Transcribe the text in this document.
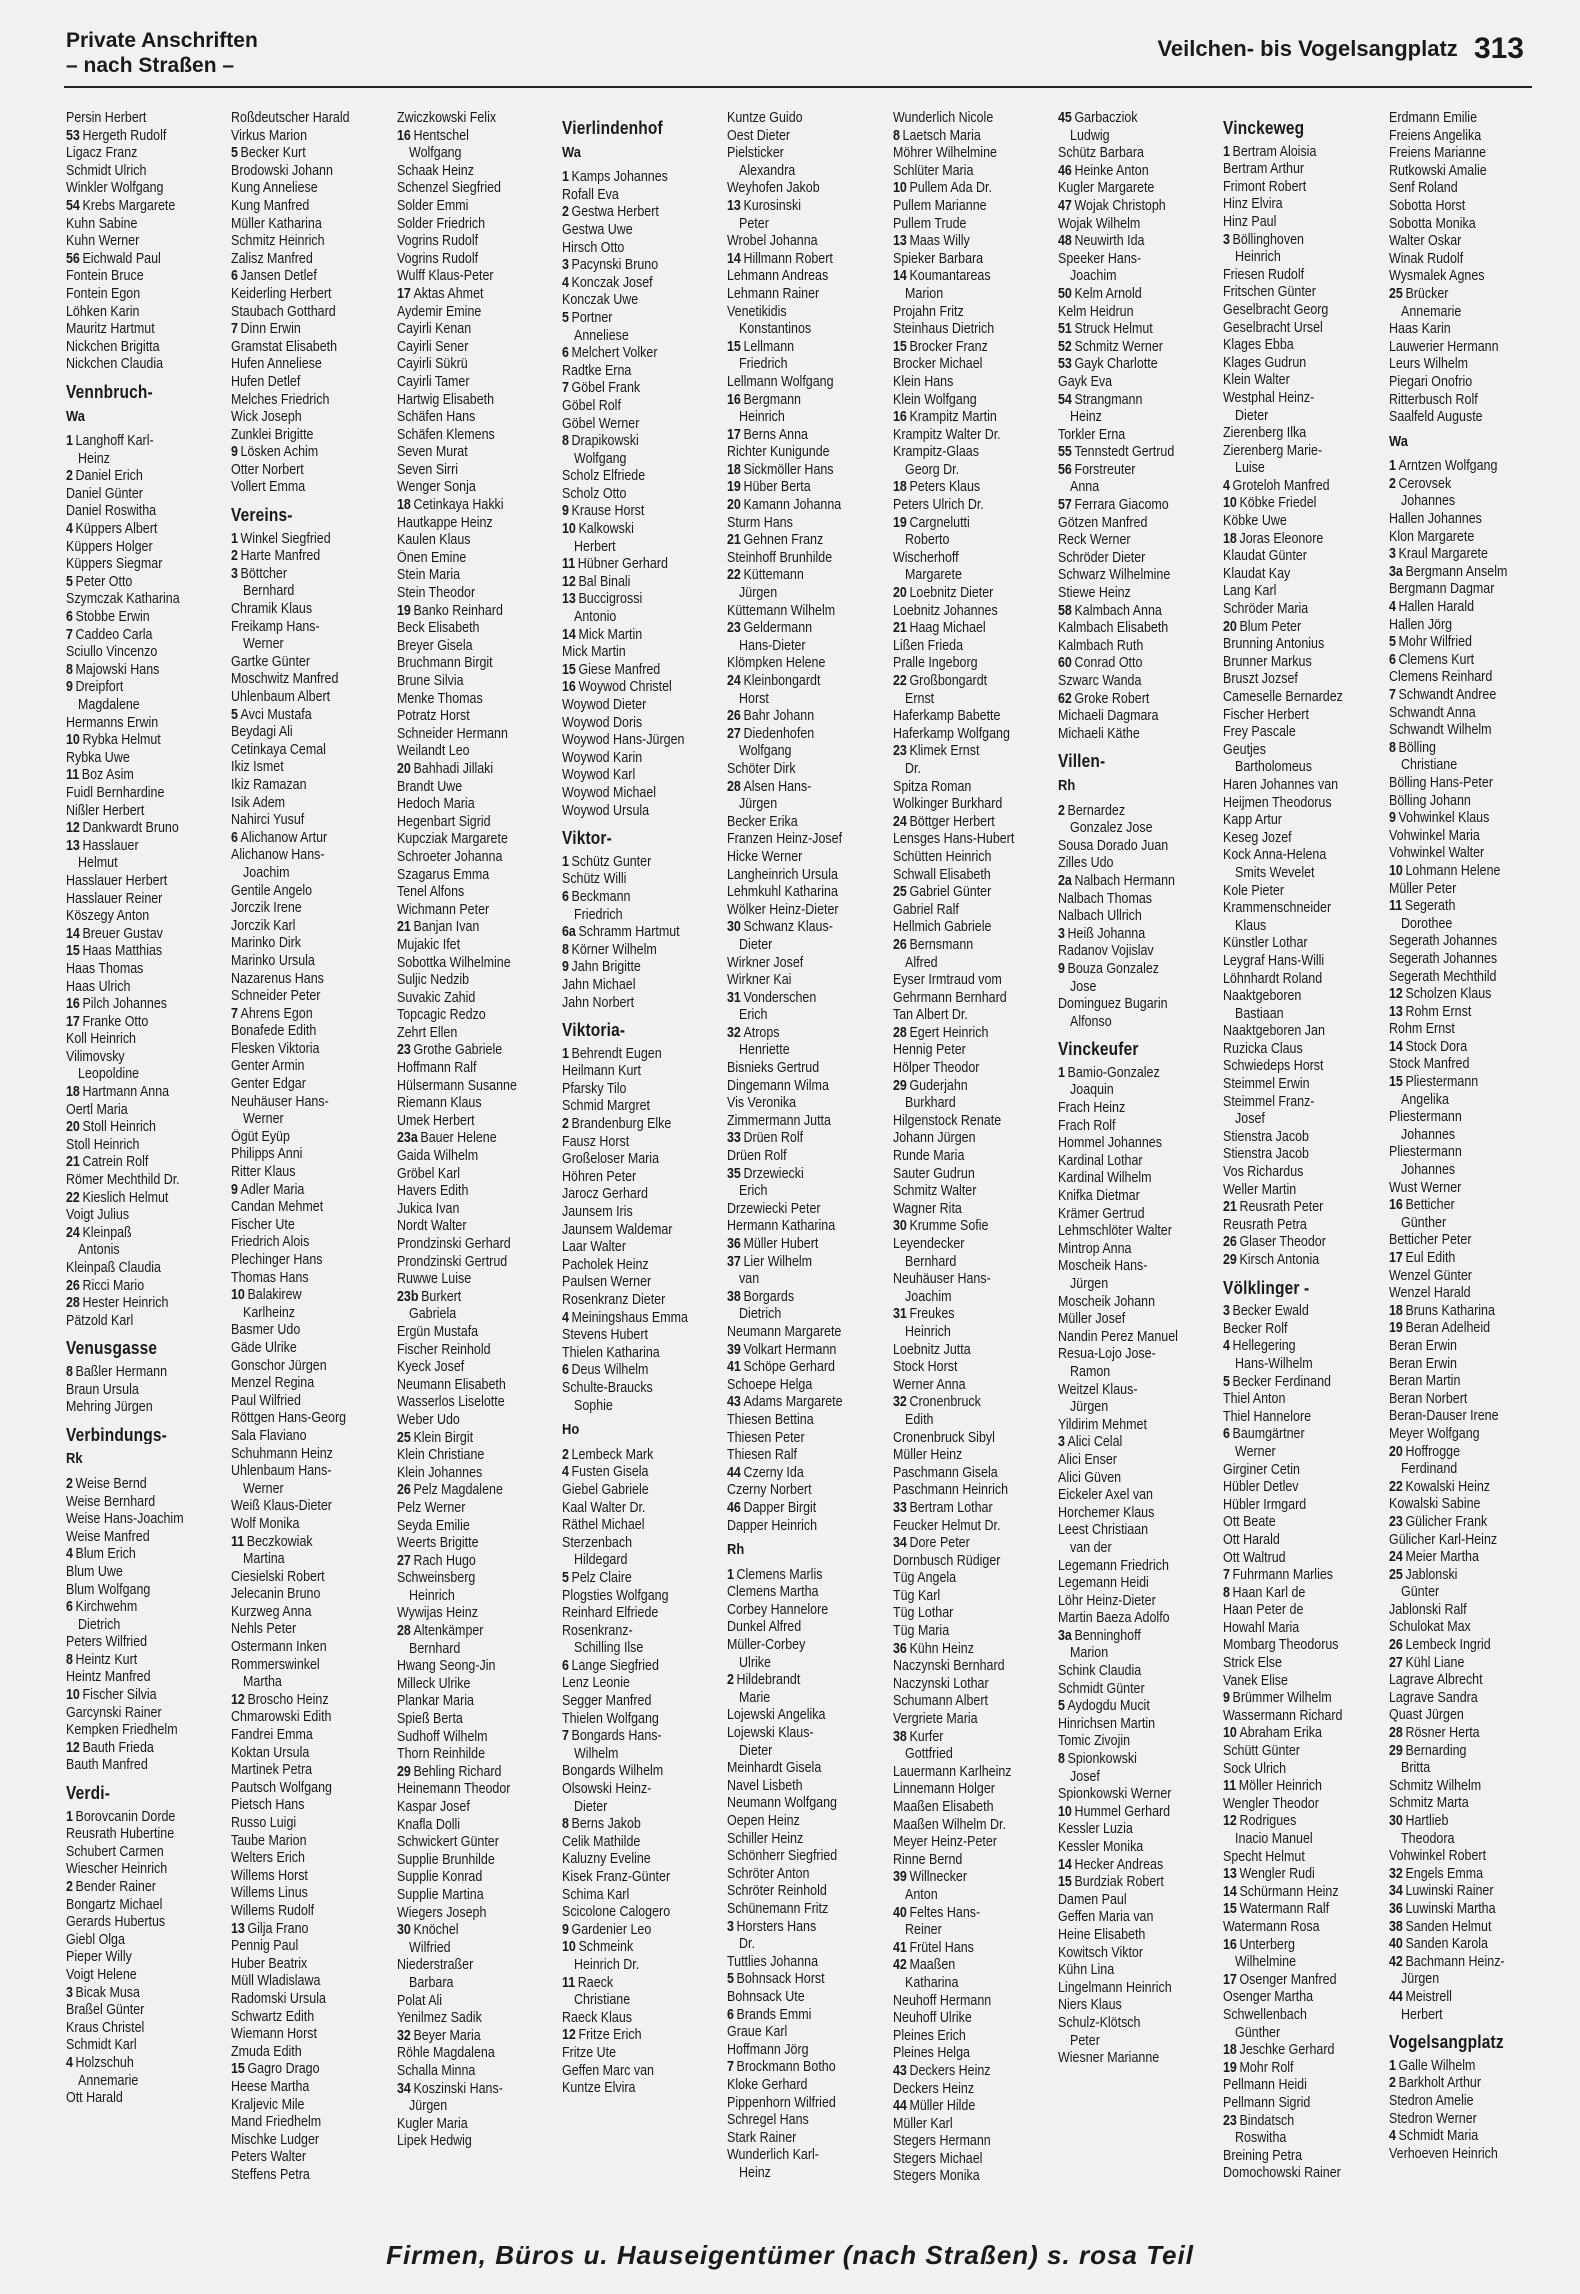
Private Anschriften
– nach Straßen –
Veilchen- bis Vogelsangplatz 313
Persin Herbert
53 Hergeth Rudolf
Ligacz Franz
Schmidt Ulrich
Winkler Wolfgang
54 Krebs Margarete
Kuhn Sabine
Kuhn Werner
56 Eichwald Paul
Fontein Bruce
Fontein Egon
Löhken Karin
Mauritz Hartmut
Nickchen Brigitta
Nickchen Claudia
Vennbruch-
Wa
1 Langhoff Karl-
Heinz
2 Daniel Erich
Daniel Günter
Daniel Roswitha
4 Küppers Albert
Küppers Holger
Küppers Siegmar
5 Peter Otto
Szymczak Katharina
6 Stobbe Erwin
7 Caddeo Carla
Sciullo Vincenzo
8 Majowski Hans
9 Dreipfort
Magdalene
Hermanns Erwin
10 Rybka Helmut
Rybka Uwe
11 Boz Asim
Fuidl Bernhardine
Nißler Herbert
12 Dankwardt Bruno
13 Hasslauer
Helmut
Hasslauer Herbert
Hasslauer Reiner
Köszegy Anton
14 Breuer Gustav
15 Haas Matthias
Haas Thomas
Haas Ulrich
16 Pilch Johannes
17 Franke Otto
Koll Heinrich
Vilimovsky
Leopoldine
18 Hartmann Anna
Oertl Maria
20 Stoll Heinrich
Stoll Heinrich
21 Catrein Rolf
Römer Mechthild Dr.
22 Kieslich Helmut
Voigt Julius
24 Kleinpaß
Antonis
Kleinpaß Claudia
26 Ricci Mario
28 Hester Heinrich
Pätzold Karl
Venusgasse
8 Baßler Hermann
Braun Ursula
Mehring Jürgen
Verbindungs-
Rk
2 Weise Bernd
Weise Bernhard
Weise Hans-Joachim
Weise Manfred
4 Blum Erich
Blum Uwe
Blum Wolfgang
6 Kirchwehm
Dietrich
Peters Wilfried
8 Heintz Kurt
Heintz Manfred
10 Fischer Silvia
Garcynski Rainer
Kempken Friedhelm
12 Bauth Frieda
Bauth Manfred
Verdi-
1 Borovcanin Dorde
Reusrath Hubertine
Schubert Carmen
Wiescher Heinrich
2 Bender Rainer
Bongartz Michael
Gerards Hubertus
Giebl Olga
Pieper Willy
Voigt Helene
3 Bicak Musa
Braßel Günter
Kraus Christel
Schmidt Karl
4 Holzschuh
Annemarie
Ott Harald
Roßdeutscher Harald
Virkus Marion
5 Becker Kurt
Brodowski Johann
Kung Anneliese
Kung Manfred
Müller Katharina
Schmitz Heinrich
Zalisz Manfred
6 Jansen Detlef
Keiderling Herbert
Staubach Gotthard
7 Dinn Erwin
Gramstat Elisabeth
Hufen Anneliese
Hufen Detlef
Melches Friedrich
Wick Joseph
Zunklei Brigitte
9 Lösken Achim
Otter Norbert
Vollert Emma
Vereins-
1 Winkel Siegfried
2 Harte Manfred
3 Böttcher
Bernhard
Chramik Klaus
Freikamp Hans-
Werner
Gartke Günter
Moschwitz Manfred
Uhlenbaum Albert
5 Avci Mustafa
Beydagi Ali
Cetinkaya Cemal
Ikiz Ismet
Ikiz Ramazan
Isik Adem
Nahirci Yusuf
6 Alichanow Artur
Alichanow Hans-
Joachim
Gentile Angelo
Jorczik Irene
Jorczik Karl
Marinko Dirk
Marinko Ursula
Nazarenus Hans
Schneider Peter
7 Ahrens Egon
Bonafede Edith
Flesken Viktoria
Genter Armin
Genter Edgar
Neuhäuser Hans-
Werner
Ögüt Eyüp
Philipps Anni
Ritter Klaus
9 Adler Maria
Candan Mehmet
Fischer Ute
Friedrich Alois
Plechinger Hans
Thomas Hans
10 Balakirew
Karlheinz
Basmer Udo
Gäde Ulrike
Gonschor Jürgen
Menzel Regina
Paul Wilfried
Röttgen Hans-Georg
Sala Flaviano
Schuhmann Heinz
Uhlenbaum Hans-
Werner
Weiß Klaus-Dieter
Wolf Monika
11 Beczkowiak
Martina
Ciesielski Robert
Jelecanin Bruno
Kurzweg Anna
Nehls Peter
Ostermann Inken
Rommerswinkel
Martha
12 Broscho Heinz
Chmarowski Edith
Fandrei Emma
Koktan Ursula
Martinek Petra
Pautsch Wolfgang
Pietsch Hans
Russo Luigi
Taube Marion
Welters Erich
Willems Horst
Willems Linus
Willems Rudolf
13 Gilja Frano
Pennig Paul
Huber Beatrix
Müll Wladislawa
Radomski Ursula
Schwartz Edith
Wiemann Horst
Zmuda Edith
15 Gagro Drago
Heese Martha
Kraljevic Mile
Mand Friedhelm
Mischke Ludger
Peters Walter
Steffens Petra
Zwiczkowski Felix
16 Hentschel
Wolfgang
Schaak Heinz
Schenzel Siegfried
Solder Emmi
Solder Friedrich
Vogrins Rudolf
Vogrins Rudolf
Wulff Klaus-Peter
17 Aktas Ahmet
Aydemir Emine
Cayirli Kenan
Cayirli Sener
Cayirli Sükrü
Cayirli Tamer
Hartwig Elisabeth
Schäfen Hans
Schäfen Klemens
Seven Murat
Seven Sirri
Wenger Sonja
18 Cetinkaya Hakki
Hautkappe Heinz
Kaulen Klaus
Önen Emine
Stein Maria
Stein Theodor
19 Banko Reinhard
Beck Elisabeth
Breyer Gisela
Bruchmann Birgit
Brune Silvia
Menke Thomas
Potratz Horst
Schneider Hermann
Weilandt Leo
20 Bahhadi Jillaki
Brandt Uwe
Hedoch Maria
Hegenbart Sigrid
Kupcziak Margarete
Schroeter Johanna
Szagarus Emma
Tenel Alfons
Wichmann Peter
21 Banjan Ivan
Mujakic Ifet
Sobottka Wilhelmine
Suljic Nedzib
Suvakic Zahid
Topcagic Redzo
Zehrt Ellen
23 Grothe Gabriele
Hoffmann Ralf
Hülsermann Susanne
Riemann Klaus
Umek Herbert
23a Bauer Helene
Gaida Wilhelm
Gröbel Karl
Havers Edith
Jukica Ivan
Nordt Walter
Prondzinski Gerhard
Prondzinski Gertrud
Ruwwe Luise
23b Burkert
Gabriela
Ergün Mustafa
Fischer Reinhold
Kyeck Josef
Neumann Elisabeth
Wasserlos Liselotte
Weber Udo
25 Klein Birgit
Klein Christiane
Klein Johannes
26 Pelz Magdalene
Pelz Werner
Seyda Emilie
Weerts Brigitte
27 Rach Hugo
Schweinsberg
Heinrich
Wywijas Heinz
28 Altenkämper
Bernhard
Hwang Seong-Jin
Milleck Ulrike
Plankar Maria
Spieß Berta
Sudhoff Wilhelm
Thorn Reinhilde
29 Behling Richard
Heinemann Theodor
Kaspar Josef
Knafla Dolli
Schwickert Günter
Supplie Brunhilde
Supplie Konrad
Supplie Martina
Wiegers Joseph
30 Knöchel
Wilfried
Niederstraßer
Barbara
Polat Ali
Yenilmez Sadik
32 Beyer Maria
Röhle Magdalena
Schalla Minna
34 Koszinski Hans-
Jürgen
Kugler Maria
Lipek Hedwig
Vierlindenhof
Wa
1 Kamps Johannes
Rofall Eva
2 Gestwa Herbert
Gestwa Uwe
Hirsch Otto
3 Pacynski Bruno
4 Konczak Josef
Konczak Uwe
5 Portner
Anneliese
6 Melchert Volker
Radtke Erna
7 Göbel Frank
Göbel Rolf
Göbel Werner
8 Drapikowski
Wolfgang
Scholz Elfriede
Scholz Otto
9 Krause Horst
10 Kalkowski
Herbert
11 Hübner Gerhard
12 Bal Binali
13 Buccigrossi
Antonio
14 Mick Martin
Mick Martin
15 Giese Manfred
16 Woywod Christel
Woywod Dieter
Woywod Doris
Woywod Hans-Jürgen
Woywod Karin
Woywod Karl
Woywod Michael
Woywod Ursula
Viktor-
1 Schütz Gunter
Schütz Willi
6 Beckmann
Friedrich
6a Schramm Hartmut
8 Körner Wilhelm
9 Jahn Brigitte
Jahn Michael
Jahn Norbert
Viktoria-
1 Behrendt Eugen
Heilmann Kurt
Pfarsky Tilo
Schmid Margret
2 Brandenburg Elke
Fausz Horst
Großeloser Maria
Höhren Peter
Jarocz Gerhard
Jaunsem Iris
Jaunsem Waldemar
Laar Walter
Pacholek Heinz
Paulsen Werner
Rosenkranz Dieter
4 Meiningshaus Emma
Stevens Hubert
Thielen Katharina
6 Deus Wilhelm
Schulte-Braucks
Sophie
Ho
2 Lembeck Mark
4 Fusten Gisela
Giebel Gabriele
Kaal Walter Dr.
Räthel Michael
Sterzenbach
Hildegard
5 Pelz Claire
Plogsties Wolfgang
Reinhard Elfriede
Rosenkranz-
Schilling Ilse
6 Lange Siegfried
Lenz Leonie
Segger Manfred
Thielen Wolfgang
7 Bongards Hans-
Wilhelm
Bongards Wilhelm
Olsowski Heinz-
Dieter
8 Berns Jakob
Celik Mathilde
Kaluzny Eveline
Kisek Franz-Günter
Schima Karl
Scicolone Calogero
9 Gardenier Leo
10 Schmeink
Heinrich Dr.
11 Raeck
Christiane
Raeck Klaus
12 Fritze Erich
Fritze Ute
Geffen Marc van
Kuntze Elvira
Kuntze Guido
Oest Dieter
Pielsticker
Alexandra
Weyhofen Jakob
13 Kurosinski
Peter
Wrobel Johanna
14 Hillmann Robert
Lehmann Andreas
Lehmann Rainer
Venetikidis
Konstantinos
15 Lellmann
Friedrich
Lellmann Wolfgang
16 Bergmann
Heinrich
17 Berns Anna
Richter Kunigunde
18 Sickmöller Hans
19 Hüber Berta
20 Kamann Johanna
Sturm Hans
21 Gehnen Franz
Steinhoff Brunhilde
22 Küttemann
Jürgen
Küttemann Wilhelm
23 Geldermann
Hans-Dieter
Klömpken Helene
24 Kleinbongardt
Horst
26 Bahr Johann
27 Diedenhofen
Wolfgang
Schöter Dirk
28 Alsen Hans-
Jürgen
Becker Erika
Franzen Heinz-Josef
Hicke Werner
Langheinrich Ursula
Lehmkuhl Katharina
Wölker Heinz-Dieter
30 Schwanz Klaus-
Dieter
Wirkner Josef
Wirkner Kai
31 Vonderschen
Erich
32 Atrops
Henriette
Bisnieks Gertrud
Dingemann Wilma
Vis Veronika
Zimmermann Jutta
33 Drüen Rolf
Drüen Rolf
35 Drzewiecki
Erich
Drzewiecki Peter
Hermann Katharina
36 Müller Hubert
37 Lier Wilhelm
van
38 Borgards
Dietrich
Neumann Margarete
39 Volkart Hermann
41 Schöpe Gerhard
Schoepe Helga
43 Adams Margarete
Thiesen Bettina
Thiesen Peter
Thiesen Ralf
44 Czerny Ida
Czerny Norbert
46 Dapper Birgit
Dapper Heinrich
Rh
1 Clemens Marlis
Clemens Martha
Corbey Hannelore
Dunkel Alfred
Müller-Corbey
Ulrike
2 Hildebrandt
Marie
Lojewski Angelika
Lojewski Klaus-
Dieter
Meinhardt Gisela
Navel Lisbeth
Neumann Wolfgang
Oepen Heinz
Schiller Heinz
Schönherr Siegfried
Schröter Anton
Schröter Reinhold
Schünemann Fritz
3 Horsters Hans
Dr.
Tuttlies Johanna
5 Bohnsack Horst
Bohnsack Ute
6 Brands Emmi
Graue Karl
Hoffmann Jörg
7 Brockmann Botho
Kloke Gerhard
Pippenhorn Wilfried
Schregel Hans
Stark Rainer
Wunderlich Karl-
Heinz
Wunderlich Nicole
8 Laetsch Maria
Möhrer Wilhelmine
Schlüter Maria
10 Pullem Ada Dr.
Pullem Marianne
Pullem Trude
13 Maas Willy
Spieker Barbara
14 Koumantareas
Marion
Projahn Fritz
Steinhaus Dietrich
15 Brocker Franz
Brocker Michael
Klein Hans
Klein Wolfgang
16 Krampitz Martin
Krampitz Walter Dr.
Krampitz-Glaas
Georg Dr.
18 Peters Klaus
Peters Ulrich Dr.
19 Cargnelutti
Roberto
Wischerhoff
Margarete
20 Loebnitz Dieter
Loebnitz Johannes
21 Haag Michael
Lißen Frieda
Pralle Ingeborg
22 Großbongardt
Ernst
Haferkamp Babette
Haferkamp Wolfgang
23 Klimek Ernst
Dr.
Spitza Roman
Wolkinger Burkhard
24 Böttger Herbert
Lensges Hans-Hubert
Schütten Heinrich
Schwall Elisabeth
25 Gabriel Günter
Gabriel Ralf
Hellmich Gabriele
26 Bernsmann
Alfred
Eyser Irmtraud vom
Gehrmann Bernhard
Tan Albert Dr.
28 Egert Heinrich
Hennig Peter
Hölper Theodor
29 Guderjahn
Burkhard
Hilgenstock Renate
Johann Jürgen
Runde Maria
Sauter Gudrun
Schmitz Walter
Wagner Rita
30 Krumme Sofie
Leyendecker
Bernhard
Neuhäuser Hans-
Joachim
31 Freukes
Heinrich
Loebnitz Jutta
Stock Horst
Werner Anna
32 Cronenbruck
Edith
Cronenbruck Sibyl
Müller Heinz
Paschmann Gisela
Paschmann Heinrich
33 Bertram Lothar
Feucker Helmut Dr.
34 Dore Peter
Dornbusch Rüdiger
Tüg Angela
Tüg Karl
Tüg Lothar
Tüg Maria
36 Kühn Heinz
Naczynski Bernhard
Naczynski Lothar
Schumann Albert
Vergriete Maria
38 Kurfer
Gottfried
Lauermann Karlheinz
Linnemann Holger
Maaßen Elisabeth
Maaßen Wilhelm Dr.
Meyer Heinz-Peter
Rinne Bernd
39 Willnecker
Anton
40 Feltes Hans-
Reiner
41 Frütel Hans
42 Maaßen
Katharina
Neuhoff Hermann
Neuhoff Ulrike
Pleines Erich
Pleines Helga
43 Deckers Heinz
Deckers Heinz
44 Müller Hilde
Müller Karl
Stegers Hermann
Stegers Michael
Stegers Monika
45 Garbacziok
Ludwig
Schütz Barbara
46 Heinke Anton
Kugler Margarete
47 Wojak Christoph
Wojak Wilhelm
48 Neuwirth Ida
Speeker Hans-
Joachim
50 Kelm Arnold
Kelm Heidrun
51 Struck Helmut
52 Schmitz Werner
53 Gayk Charlotte
Gayk Eva
54 Strangmann
Heinz
Torkler Erna
55 Tennstedt Gertrud
56 Forstreuter
Anna
57 Ferrara Giacomo
Götzen Manfred
Reck Werner
Schröder Dieter
Schwarz Wilhelmine
Stiewe Heinz
58 Kalmbach Anna
Kalmbach Elisabeth
Kalmbach Ruth
60 Conrad Otto
Szwarc Wanda
62 Groke Robert
Michaeli Dagmara
Michaeli Käthe
Villen-
Rh
2 Bernardez
Gonzalez Jose
Sousa Dorado Juan
Zilles Udo
2a Nalbach Hermann
Nalbach Thomas
Nalbach Ullrich
3 Heiß Johanna
Radanov Vojislav
9 Bouza Gonzalez
Jose
Dominguez Bugarin
Alfonso
Vinckeufer
1 Bamio-Gonzalez
Joaquin
Frach Heinz
Frach Rolf
Hommel Johannes
Kardinal Lothar
Kardinal Wilhelm
Knifka Dietmar
Krämer Gertrud
Lehmschlöter Walter
Mintrop Anna
Moscheik Hans-
Jürgen
Moscheik Johann
Müller Josef
Nandin Perez Manuel
Resua-Lojo Jose-
Ramon
Weitzel Klaus-
Jürgen
Yildirim Mehmet
3 Alici Celal
Alici Enser
Alici Güven
Eickeler Axel van
Horchemer Klaus
Leest Christiaan
van der
Legemann Friedrich
Legemann Heidi
Löhr Heinz-Dieter
Martin Baeza Adolfo
3a Benninghoff
Marion
Schink Claudia
Schmidt Günter
5 Aydogdu Mucit
Hinrichsen Martin
Tomic Zivojin
8 Spionkowski
Josef
Spionkowski Werner
10 Hummel Gerhard
Kessler Luzia
Kessler Monika
14 Hecker Andreas
15 Burdziak Robert
Damen Paul
Geffen Maria van
Heine Elisabeth
Kowitsch Viktor
Kühn Lina
Lingelmann Heinrich
Niers Klaus
Schulz-Klötsch
Peter
Wiesner Marianne
Vinckeweg
1 Bertram Aloisia
Bertram Arthur
Frimont Robert
Hinz Elvira
Hinz Paul
3 Böllinghoven
Heinrich
Friesen Rudolf
Fritschen Günter
Geselbracht Georg
Geselbracht Ursel
Klages Ebba
Klages Gudrun
Klein Walter
Westphal Heinz-
Dieter
Zierenberg Ilka
Zierenberg Marie-
Luise
4 Groteloh Manfred
10 Köbke Friedel
Köbke Uwe
18 Joras Eleonore
Klaudat Günter
Klaudat Kay
Lang Karl
Schröder Maria
20 Blum Peter
Brunning Antonius
Brunner Markus
Bruszt Jozsef
Cameselle Bernardez
Fischer Herbert
Frey Pascale
Geutjes
Bartholomeus
Haren Johannes van
Heijmen Theodorus
Kapp Artur
Keseg Jozef
Kock Anna-Helena
Smits Wevelet
Kole Pieter
Krammenschneider
Klaus
Künstler Lothar
Leygraf Hans-Willi
Löhnhardt Roland
Naaktgeboren
Bastiaan
Naaktgeboren Jan
Ruzicka Claus
Schwiedeps Horst
Steimmel Erwin
Steimmel Franz-
Josef
Stienstra Jacob
Stienstra Jacob
Vos Richardus
Weller Martin
21 Reusrath Peter
Reusrath Petra
26 Glaser Theodor
29 Kirsch Antonia
Völklinger -
3 Becker Ewald
Becker Rolf
4 Hellegering
Hans-Wilhelm
5 Becker Ferdinand
Thiel Anton
Thiel Hannelore
6 Baumgärtner
Werner
Girginer Cetin
Hübler Detlev
Hübler Irmgard
Ott Beate
Ott Harald
Ott Waltrud
7 Fuhrmann Marlies
8 Haan Karl de
Haan Peter de
Howahl Maria
Mombarg Theodorus
Strick Else
Vanek Elise
9 Brümmer Wilhelm
Wassermann Richard
10 Abraham Erika
Schütt Günter
Sock Ulrich
11 Möller Heinrich
Wengler Theodor
12 Rodrigues
Inacio Manuel
Specht Helmut
13 Wengler Rudi
14 Schürmann Heinz
15 Watermann Ralf
Watermann Rosa
16 Unterberg
Wilhelmine
17 Osenger Manfred
Osenger Martha
Schwellenbach
Günther
18 Jeschke Gerhard
19 Mohr Rolf
Pellmann Heidi
Pellmann Sigrid
23 Bindatsch
Roswitha
Breining Petra
Domochowski Rainer
Erdmann Emilie
Freiens Angelika
Freiens Marianne
Rutkowski Amalie
Senf Roland
Sobotta Horst
Sobotta Monika
Walter Oskar
Winak Rudolf
Wysmalek Agnes
25 Brücker
Annemarie
Haas Karin
Lauwerier Hermann
Leurs Wilhelm
Piegari Onofrio
Ritterbusch Rolf
Saalfeld Auguste
Wa
1 Arntzen Wolfgang
2 Cerovsek
Johannes
Hallen Johannes
Klon Margarete
3 Kraul Margarete
3a Bergmann Anselm
Bergmann Dagmar
4 Hallen Harald
Hallen Jörg
5 Mohr Wilfried
6 Clemens Kurt
Clemens Reinhard
7 Schwandt Andree
Schwandt Anna
Schwandt Wilhelm
8 Bölling
Christiane
Bölling Hans-Peter
Bölling Johann
9 Vohwinkel Klaus
Vohwinkel Maria
Vohwinkel Walter
10 Lohmann Helene
Müller Peter
11 Segerath
Dorothee
Segerath Johannes
Segerath Johannes
Segerath Mechthild
12 Scholzen Klaus
13 Rohm Ernst
Rohm Ernst
14 Stock Dora
Stock Manfred
15 Pliestermann
Angelika
Pliestermann
Johannes
Pliestermann
Johannes
Wust Werner
16 Betticher
Günther
Betticher Peter
17 Eul Edith
Wenzel Günter
Wenzel Harald
18 Bruns Katharina
19 Beran Adelheid
Beran Erwin
Beran Erwin
Beran Martin
Beran Norbert
Beran-Dauser Irene
Meyer Wolfgang
20 Hoffrogge
Ferdinand
22 Kowalski Heinz
Kowalski Sabine
23 Gülicher Frank
Gülicher Karl-Heinz
24 Meier Martha
25 Jablonski
Günter
Jablonski Ralf
Schulokat Max
26 Lembeck Ingrid
27 Kühl Liane
Lagrave Albrecht
Lagrave Sandra
Quast Jürgen
28 Rösner Herta
29 Bernarding
Britta
Schmitz Wilhelm
Schmitz Marta
30 Hartlieb
Theodora
Vohwinkel Robert
32 Engels Emma
34 Luwinski Rainer
36 Luwinski Martha
38 Sanden Helmut
40 Sanden Karola
42 Bachmann Heinz-
Jürgen
44 Meistrell
Herbert
Vogelsangplatz
1 Galle Wilhelm
2 Barkholt Arthur
Stedron Amelie
Stedron Werner
4 Schmidt Maria
Verhoeven Heinrich
Firmen, Büros u. Hauseigentümer (nach Straßen) s. rosa Teil
